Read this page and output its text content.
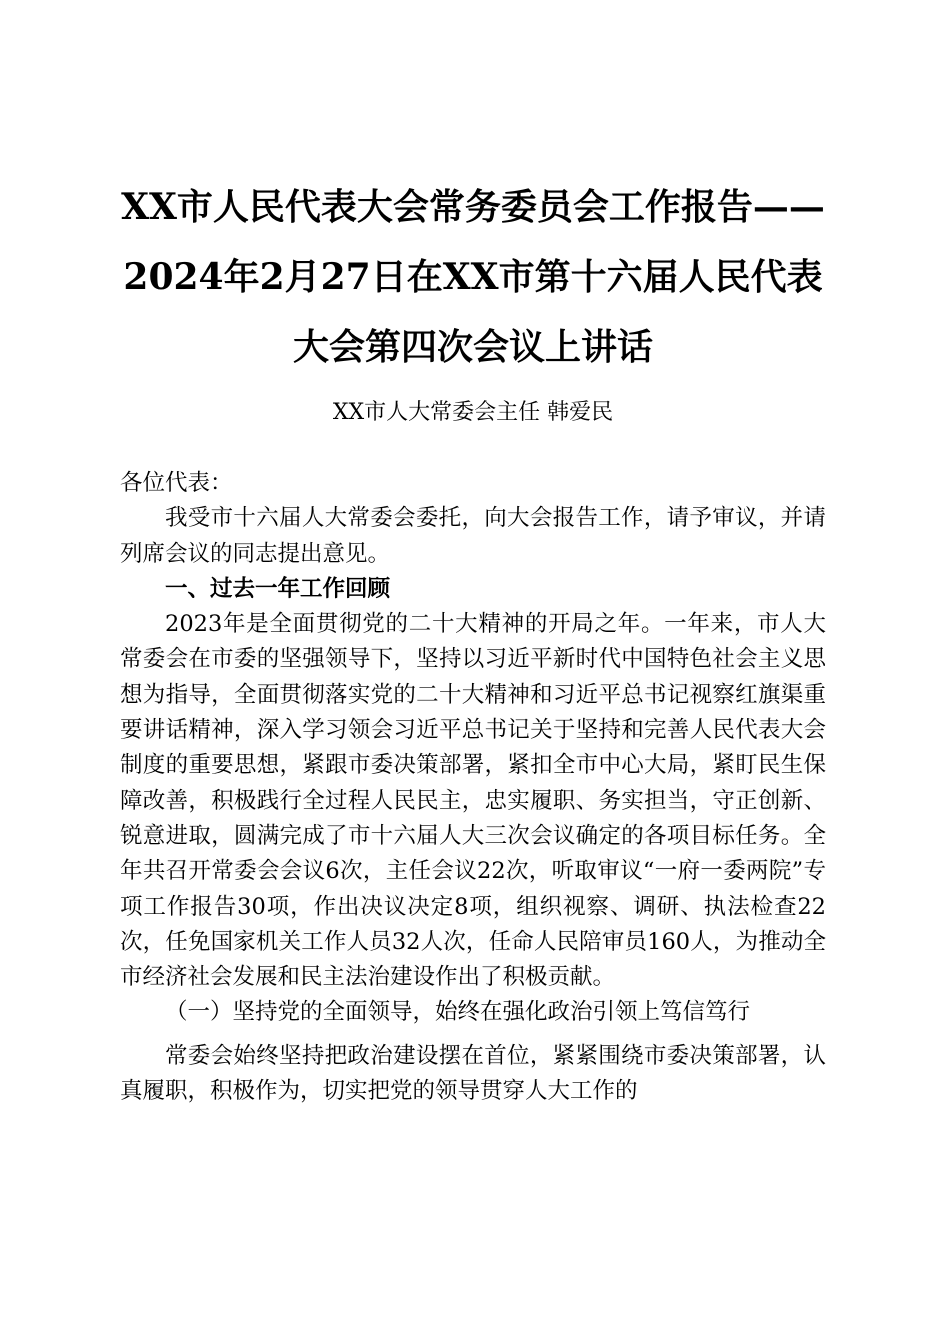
XX市人民代表大会常务委员会工作报告——
2024年2月27日在XX市第十六届人民代表
大会第四次会议上讲话
XX市人大常委会主任 韩爱民

各位代表：

我受市十六届人大常委会委托，向大会报告工作，请予审议，并请列席会议的同志提出意见。

一、过去一年工作回顾

2023年是全面贯彻党的二十大精神的开局之年。一年来，市人大常委会在市委的坚强领导下，坚持以习近平新时代中国特色社会主义思想为指导，全面贯彻落实党的二十大精神和习近平总书记视察红旗渠重要讲话精神，深入学习领会习近平总书记关于坚持和完善人民代表大会制度的重要思想，紧跟市委决策部署，紧扣全市中心大局，紧盯民生保障改善，积极践行全过程人民民主，忠实履职、务实担当，守正创新、锐意进取，圆满完成了市十六届人大三次会议确定的各项目标任务。全年共召开常委会会议6次，主任会议22次，听取审议“一府一委两院”专项工作报告30项，作出决议决定8项，组织视察、调研、执法检查22次，任免国家机关工作人员32人次，任命人民陪审员160人，为推动全市经济社会发展和民主法治建设作出了积极贡献。

（一）坚持党的全面领导，始终在强化政治引领上笃信笃行

常委会始终坚持把政治建设摆在首位，紧紧围绕市委决策部署，认真履职，积极作为，切实把党的领导贯穿人大工作的
